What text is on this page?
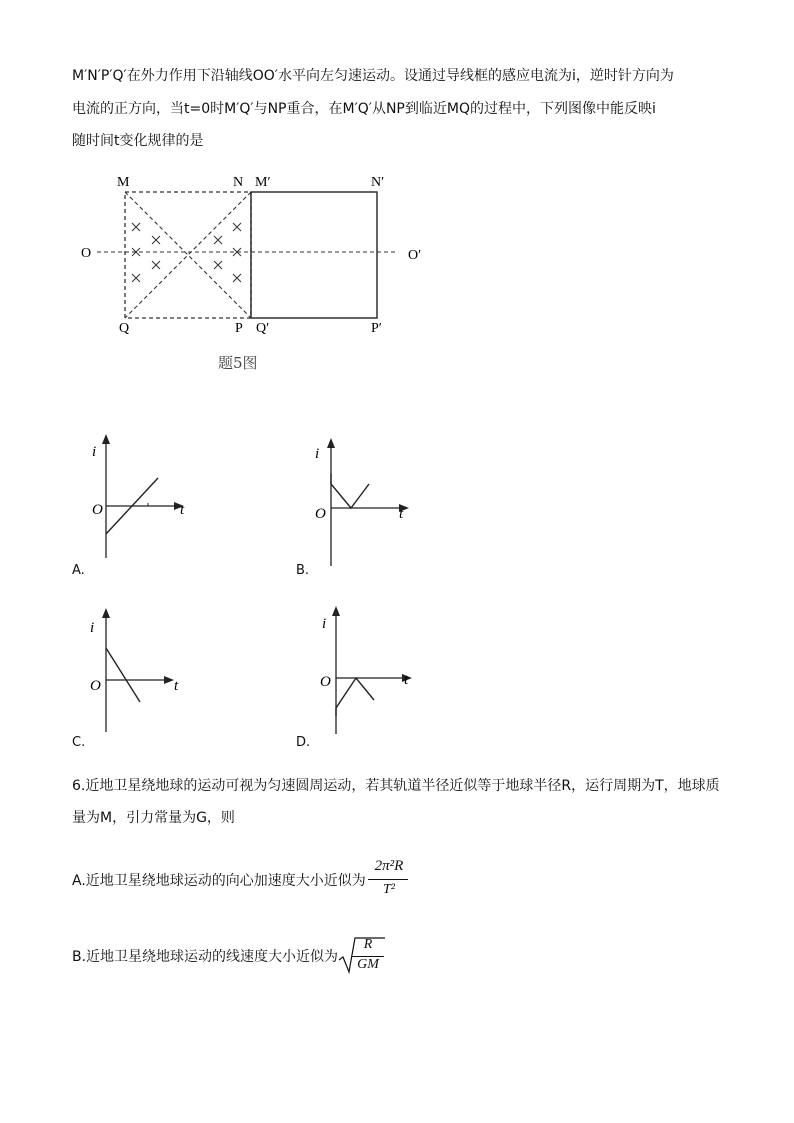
M′N′P′Q′在外力作用下沿轴线OO′水平向左匀速运动。设通过导线框的感应电流为i，逆时针方向为
电流的正方向，当t=0时M′Q′与NP重合，在M′Q′从NP到临近MQ的过程中，下列图像中能反映i
随时间t变化规律的是
M	N M′	N′
O	O′
Q	P Q′	P′
题5图
i
O	t
A.
i
O	t
B.
i
O	t
C.
i
O	t
D.
6.近地卫星绕地球的运动可视为匀速圆周运动，若其轨道半径近似等于地球半径R，运行周期为T，地球质
量为M，引力常量为G，则
A.近地卫星绕地球运动的向心加速度大小近似为
2π²R
T²
B.近地卫星绕地球运动的线速度大小近似为
R
GM
